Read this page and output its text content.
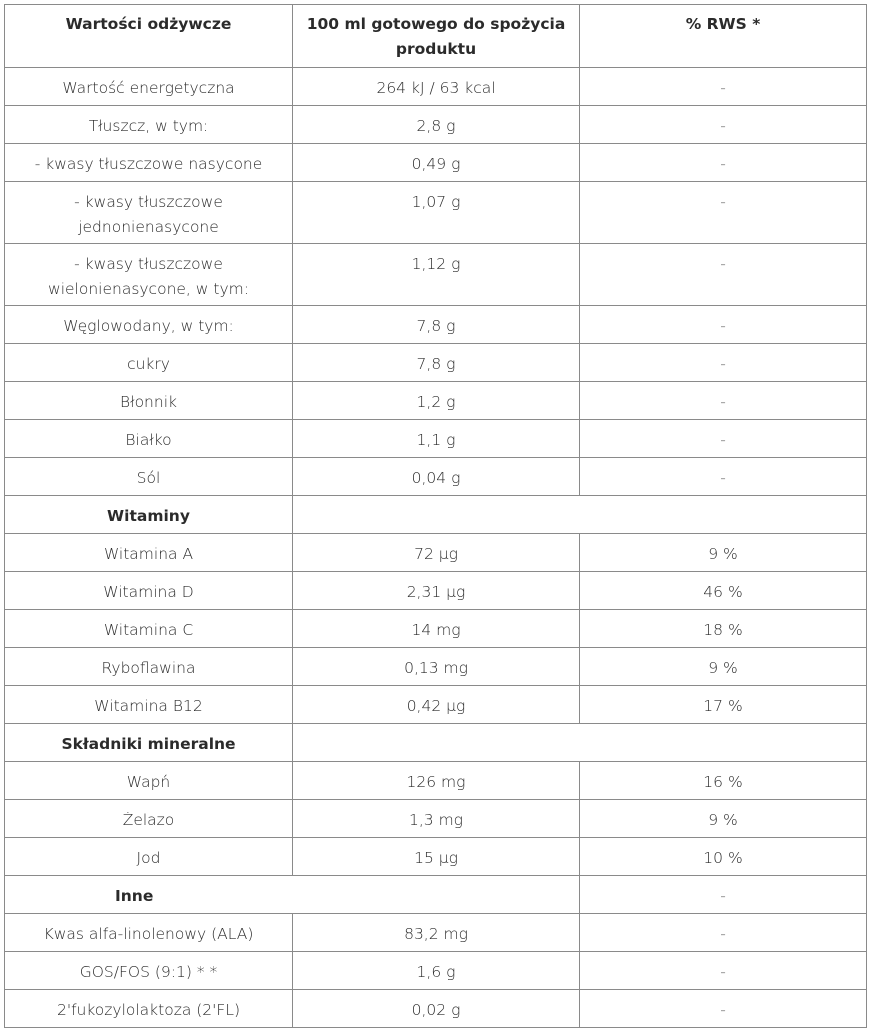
Wartości odżywcze	100 ml gotowego do spożycia produktu	% RWS *
Wartość energetyczna	264 kJ / 63 kcal	-
Tłuszcz, w tym:	2,8 g	-
- kwasy tłuszczowe nasycone	0,49 g	-
- kwasy tłuszczowe jednonienasycone	1,07 g	-
- kwasy tłuszczowe wielonienasycone, w tym:	1,12 g	-
Węglowodany, w tym:	7,8 g	-
cukry	7,8 g	-
Błonnik	1,2 g	-
Białko	1,1 g	-
Sól	0,04 g	-
Witaminy		
Witamina A	72 µg	9 %
Witamina D	2,31 µg	46 %
Witamina C	14 mg	18 %
Ryboflawina	0,13 mg	9 %
Witamina B12	0,42 µg	17 %
Składniki mineralne		
Wapń	126 mg	16 %
Żelazo	1,3 mg	9 %
Jod	15 µg	10 %
Inne		-
Kwas alfa-linolenowy (ALA)	83,2 mg	-
GOS/FOS (9:1) * *	1,6 g	-
2'fukozylolaktoza (2'FL)	0,02 g	-
